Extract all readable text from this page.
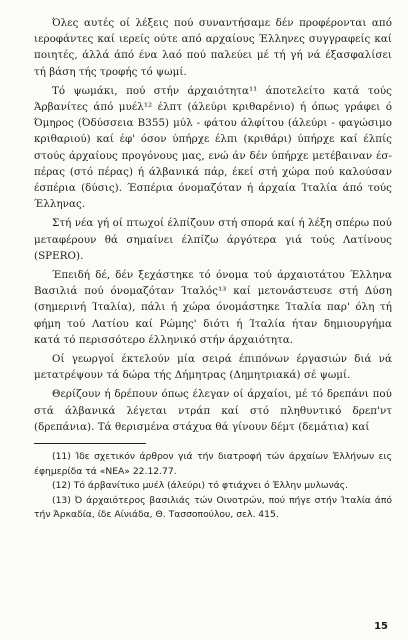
Όλες αυτές οί λέξεις πού συναντήσαμε δέν προφέρονται από ιεροφάντες καί ιερείς ούτε από αρχαίους Έλληνες συγγραφείς καί ποιητές, άλλά άπό ένα λαό πού παλεύει μέ τή γή νά έξασφαλίσει τή βάση τής τροφής τό ψωμί.

Τό ψωμάκι, πού στήν άρχαιότητα¹¹ άποτελείτο κατά τούς Άρβανίτες άπό μυέλ¹² έλπτ (άλεύρι κριθαρένιο) ή όπως γράφει ό Όμηρος (Όδύσσεια B355) μύλ - φάτου άλφίτου (άλεύρι - φαγώσιμο κριθαριού) καί έφ' όσον ύπήρχε έλπι (κριθάρι) ύπήρχε καί έλπίς στούς άρχαίους προγόνους μας, ενώ άν δέν ύπήρχε μετέβαιναν έσ-πέρας (στό πέρας) ή άλβανικά πάρ, έκεί στή χώρα πού καλούσαν έσπέρια (δύσις). Έσπέρια όνομαζόταν ή άρχαία Ίταλία άπό τούς Έλληνας.

Στή νέα γή οί πτωχοί έλπίζουν στή σπορά καί ή λέξη σπέρω πού μεταφέρουν θά σημαίνει έλπίζω άργότερα γιά τούς Λατίνους (SPERO).

Έπειδή δέ, δέν ξεχάστηκε τό όνομα τού άρχαιοτάτου Έλληνα Βασιλιά πού όνομαζόταν Ίταλός¹³ καί μετονάστευσε στή Δύση (σημερινή Ίταλία), πάλι ή χώρα όνομάστηκε Ίταλία παρ' όλη τή φήμη τού Λατίου καί Ρώμης' διότι ή Ίταλία ήταν δημιουργήμα κατά τό περισσότερο έλληνικό στήν άρχαιότητα.

Οί γεωργοί έκτελούν μία σειρά έπιπόνων έργασιών διά νά μετατρέψουν τά δώρα τής Δήμητρας (Δημητριακά) σέ ψωμί.

Θερίζουν ή δρέπουν όπως έλεγαν οί άρχαίοι, μέ τό δρεπάνι πού στά άλβανικά λέγεται ντράπ καί στό πληθυντικό δρεπ'ντ (δρεπάνια). Τά θερισμένα στάχυα θά γίνουν δέμτ (δεμάτια) καί

(11) Ίδε σχετικόν άρθρον γιά τήν διατροφή τών άρχαίων Έλλήνων εις έφημερίδα τά «ΝΕΑ» 22.12.77.

(12) Τό άρβανίτικο μυέλ (άλεύρι) τό φτιάχνει ό Έλλην μυλωνάς.

(13) Ό άρχαιότερος βασιλιάς τών Οινοτρών, πού πήγε στήν Ίταλία άπό τήν Άρκαδία, ίδε Αίνιάδα, Θ. Τασσοπούλου, σελ. 415.

15
